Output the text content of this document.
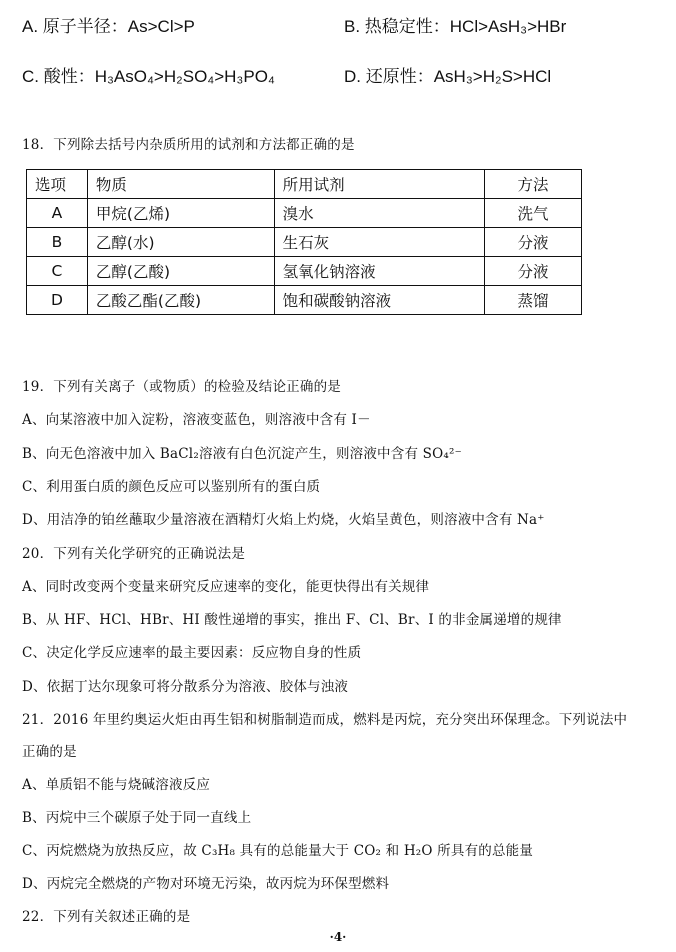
A. 原子半径：As>Cl>P	B. 热稳定性：HCl>AsH₃>HBr
C. 酸性：H₃AsO₄>H₂SO₄>H₃PO₄	D. 还原性：AsH₃>H₂S>HCl
18．下列除去括号内杂质所用的试剂和方法都正确的是
选项	物质	所用试剂	方法
A	甲烷(乙烯)	溴水	洗气
B	乙醇(水)	生石灰	分液
C	乙醇(乙酸)	氢氧化钠溶液	分液
D	乙酸乙酯(乙酸)	饱和碳酸钠溶液	蒸馏
19．下列有关离子（或物质）的检验及结论正确的是
A、向某溶液中加入淀粉，溶液变蓝色，则溶液中含有 I－
B、向无色溶液中加入 BaCl₂溶液有白色沉淀产生，则溶液中含有 SO₄²⁻
C、利用蛋白质的颜色反应可以鉴别所有的蛋白质
D、用洁净的铂丝蘸取少量溶液在酒精灯火焰上灼烧，火焰呈黄色，则溶液中含有 Na⁺
20．下列有关化学研究的正确说法是
A、同时改变两个变量来研究反应速率的变化，能更快得出有关规律
B、从 HF、HCl、HBr、HI 酸性递增的事实，推出 F、Cl、Br、I 的非金属递增的规律
C、决定化学反应速率的最主要因素：反应物自身的性质
D、依据丁达尔现象可将分散系分为溶液、胶体与浊液
21．2016 年里约奥运火炬由再生铝和树脂制造而成，燃料是丙烷，充分突出环保理念。下列说法中
正确的是
A、单质铝不能与烧碱溶液反应
B、丙烷中三个碳原子处于同一直线上
C、丙烷燃烧为放热反应，故 C₃H₈ 具有的总能量大于 CO₂ 和 H₂O 所具有的总能量
D、丙烷完全燃烧的产物对环境无污染，故丙烷为环保型燃料
22．下列有关叙述正确的是
·4·
